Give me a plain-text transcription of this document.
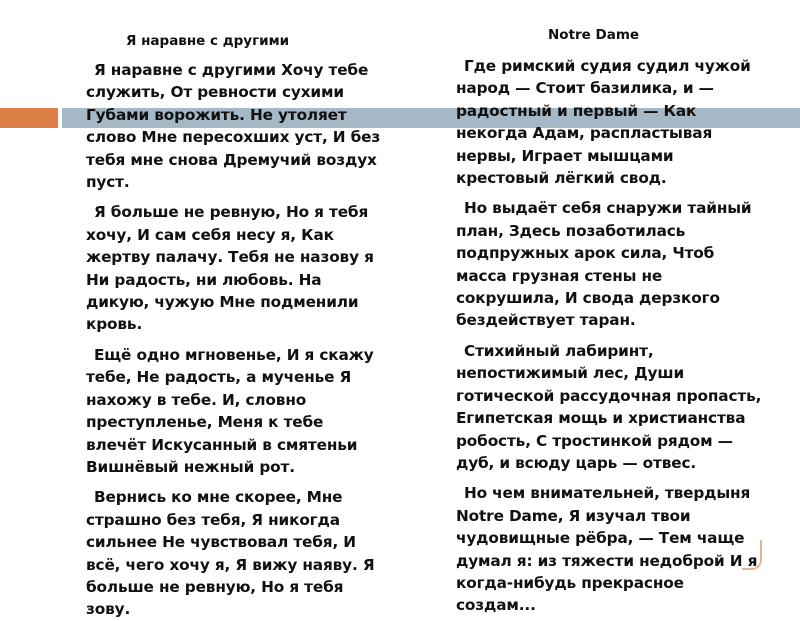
Я наравне с другими

Я наравне с другими Хочу тебе служить, От ревности сухими Губами ворожить. Не утоляет слово Мне пересохших уст, И без тебя мне снова Дремучий воздух пуст.

Я больше не ревную, Но я тебя хочу, И сам себя несу я, Как жертву палачу. Тебя не назову я Ни радость, ни любовь. На дикую, чужую Мне подменили кровь.

Ещё одно мгновенье, И я скажу тебе, Не радость, а мученье Я нахожу в тебе. И, словно преступленье, Меня к тебе влечёт Искусанный в смятеньи Вишнёвый нежный рот.

Вернись ко мне скорее, Мне страшно без тебя, Я никогда сильнее Не чувствовал тебя, И всё, чего хочу я, Я вижу наяву. Я больше не ревную, Но я тебя зову.

Notre Dame

Где римский судия судил чужой народ — Стоит базилика, и — радостный и первый — Как некогда Адам, распластывая нервы, Играет мышцами крестовый лёгкий свод.

Но выдаёт себя снаружи тайный план, Здесь позаботилась подпружных арок сила, Чтоб масса грузная стены не сокрушила, И свода дерзкого бездействует таран.

Стихийный лабиринт, непостижимый лес, Души готической рассудочная пропасть, Египетская мощь и христианства робость, С тростинкой рядом — дуб, и всюду царь — отвес.

Но чем внимательней, твердыня Notre Dame, Я изучал твои чудовищные рёбра, — Тем чаще думал я: из тяжести недоброй И я когда-нибудь прекрасное создам...
